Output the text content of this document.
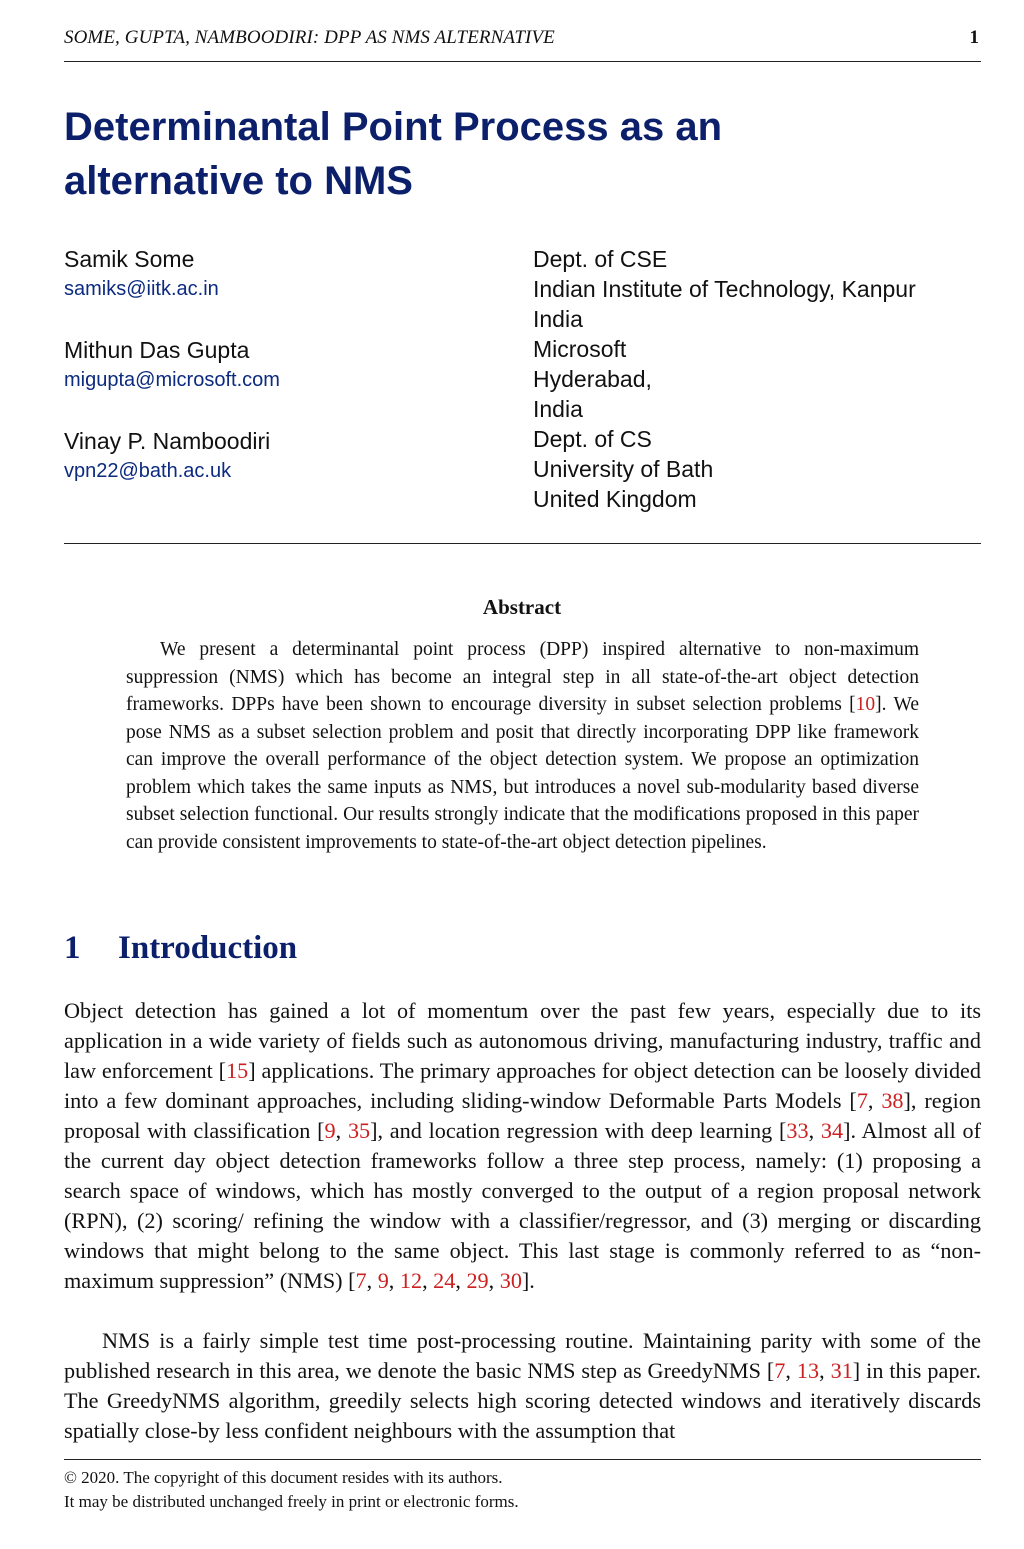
SOME, GUPTA, NAMBOODIRI: DPP AS NMS ALTERNATIVE	1
Determinantal Point Process as an alternative to NMS
Samik Some
samiks@iitk.ac.in
Mithun Das Gupta
migupta@microsoft.com
Vinay P. Namboodiri
vpn22@bath.ac.uk
Dept. of CSE
Indian Institute of Technology, Kanpur
India
Microsoft
Hyderabad,
India
Dept. of CS
University of Bath
United Kingdom
Abstract
We present a determinantal point process (DPP) inspired alternative to non-maximum suppression (NMS) which has become an integral step in all state-of-the-art object detection frameworks. DPPs have been shown to encourage diversity in subset selection problems [10]. We pose NMS as a subset selection problem and posit that directly incorporating DPP like framework can improve the overall performance of the object detection system. We propose an optimization problem which takes the same inputs as NMS, but introduces a novel sub-modularity based diverse subset selection functional. Our results strongly indicate that the modifications proposed in this paper can provide consistent improvements to state-of-the-art object detection pipelines.
1 Introduction
Object detection has gained a lot of momentum over the past few years, especially due to its application in a wide variety of fields such as autonomous driving, manufacturing industry, traffic and law enforcement [15] applications. The primary approaches for object detection can be loosely divided into a few dominant approaches, including sliding-window Deformable Parts Models [7, 38], region proposal with classification [9, 35], and location regression with deep learning [33, 34]. Almost all of the current day object detection frameworks follow a three step process, namely: (1) proposing a search space of windows, which has mostly converged to the output of a region proposal network (RPN), (2) scoring/ refining the window with a classifier/regressor, and (3) merging or discarding windows that might belong to the same object. This last stage is commonly referred to as “non-maximum suppression” (NMS) [7, 9, 12, 24, 29, 30].
NMS is a fairly simple test time post-processing routine. Maintaining parity with some of the published research in this area, we denote the basic NMS step as GreedyNMS [7, 13, 31] in this paper. The GreedyNMS algorithm, greedily selects high scoring detected windows and iteratively discards spatially close-by less confident neighbours with the assumption that
© 2020. The copyright of this document resides with its authors.
It may be distributed unchanged freely in print or electronic forms.
